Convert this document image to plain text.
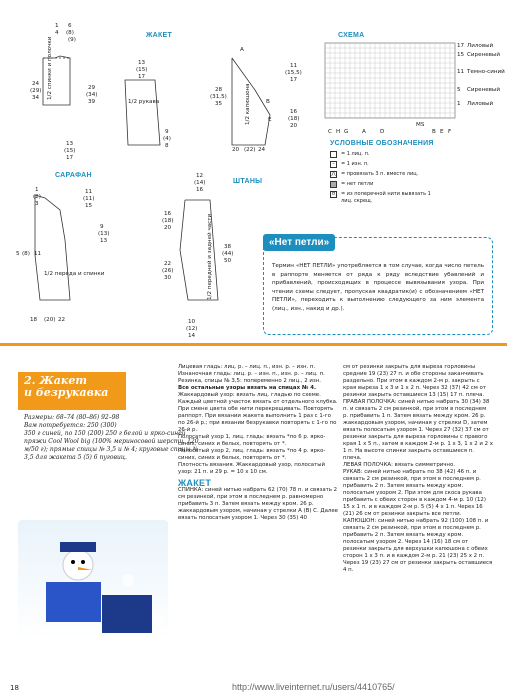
ЖАКЕТ
САРАФАН
ШТАНЫ
СХЕМА
1
4
6
(8)
(9)
24
(29)
34
29
(34)
39
13
(15)
17
1/2 спинки и полочки	13
(15)
17
1/2 рукава
9
(4)
8
A
B
E
28
(31,5)
35	1/2 капюшона
20 (22) 24
11
(15,5)
17
16
(18)
20
1
(2)
3
11
(11)
15
9
(13)
13
5 (8) 11
1/2 переда и спинки
18 (20) 22
12
(14)
16
16
(18)
20
22
(26)
30
38
(44)
50
1/2 передней и задней части
10
(12)
14
17 Лиловый
15 Сиреневый
11 Темно-синий
5 Сиреневый
1 Лиловый
C H G A	D
MS
B E F
УСЛОВНЫЕ ОБОЗНАЧЕНИЯ
= 1 лиц. п.
–	= 1 изн. п.
⋀ = провязать 3 п. вместе лиц.
= нет петли
ʊ	= из поперечной нити вывязать 1 лиц. скрещ.
«Нет петли»
Термин «НЕТ ПЕТЛИ» употребляется в том случае, когда число петель в раппорте меняется от ряда к ряду вследствие убавлений и прибавлений, происходящих в процессе вывязывания узора. При чтении схемы следует, пропуская квадратик(и) с обозначением «НЕТ ПЕТЛИ», переходить к выполнению следующего за ним элемента (лиц., изн., накид и др.).
2. Жакет
и безрукавка
Размеры: 68–74 (80–86) 92–98
Вам потребуется: 250 (300)
350 г синей, по 150 (200) 250 г белой и ярко-синей пряжи Cool Wool big (100% мериносовой шерсти, 120 м/50 г); прямые спицы № 3,5 и № 4; круговые спицы № 3,5 для жакета 5 (5) 6 пуговиц.
Лицевая гладь: лиц. р. – лиц. п., изн. р. – изн. п.
Изнаночная гладь: лиц. р. – изн. п., изн. р. – лиц. п.
Резинка, спицы № 3,5: попеременно 2 лиц., 2 изн.
Все остальные узоры вязать на спицах № 4.
Жаккардовый узор: вязать лиц. гладью по схеме. Каждый цветной участок вязать от отдельного клубка. При смене цвета обе нити перекрещивать. Повторять раппорт. При вязании жакета выполнить 1 раз с 1-го по 26-й р.; при вязании безрукавки повторять с 1-го по 26-й р.
Полосатый узор 1, лиц. гладь: вязать *по 6 р. ярко-синих, синих и белых, повторять от *.
Полосатый узор 2, лиц. гладь: вязать *по 4 р. ярко-синих, синих и белых, повторять от *.
Плотность вязания. Жаккардовый узор, полосатый узор: 21 п. и 29 р. = 10 x 10 см.
ЖАКЕТ
СПИНКА: синей нитью набрать 62 (70) 78 п. и связать 2 см резинкой, при этом в последнем р. равномерно прибавить 3 п. Затем вязать между кром. 26 р. жаккардовым узором, начиная у стрелки А (В) С. Далее вязать полосатым узором 1. Через 30 (35) 40
см от резинки закрыть для выреза горловины средние 19 (23) 27 п. и обе стороны заканчивать раздельно. При этом в каждом 2-м р. закрыть с края выреза 1 x 3 и 1 x 2 п. Через 32 (37) 42 см от резинки закрыть оставшиеся 13 (15) 17 п. плеча.
ПРАВАЯ ПОЛОЧКА: синей нитью набрать 30 (34) 38 п. и связать 2 см резинкой, при этом в последнем р. прибавить 1 п. Затем вязать между кром. 26 р. жаккардовым узором, начиная у стрелки D, затем вязать полосатым узором 1. Через 27 (32) 37 см от резинки закрыть для выреза горловины с правого края 1 x 5 п., затем в каждом 2-м р. 1 x 3, 1 x 2 и 2 x 1 п. На высоте спинки закрыть оставшиеся п. плеча.
ЛЕВАЯ ПОЛОЧКА: вязать симметрично.
РУКАВ: синей нитью набрать по 38 (42) 46 п. и связать 2 см резинкой, при этом в последнем р. прибавить 2 п. Затем вязать между кром. полосатым узором 2. При этом для скоса рукава прибавить с обеих сторон в каждом 4-м р. 10 (12) 15 x 1 п. и в каждом 2-м р. 5 (5) 4 x 1 п. Через 16 (21) 26 см от резинки закрыть все петли.
КАПЮШОН: синей нитью набрать 92 (100) 108 п. и связать 2 см резинкой, при этом в последнем р. прибавить 2 п. Затем вязать между кром. полосатым узором 2. Через 14 (16) 18 см от резинки закрыть для верхушки капюшона с обеих сторон 1 x 3 п. и в каждом 2-м р. 21 (23) 25 x 2 п. Через 19 (23) 27 см от резинки закрыть оставшиеся 4 п.
18	http://www.liveinternet.ru/users/4410765/
